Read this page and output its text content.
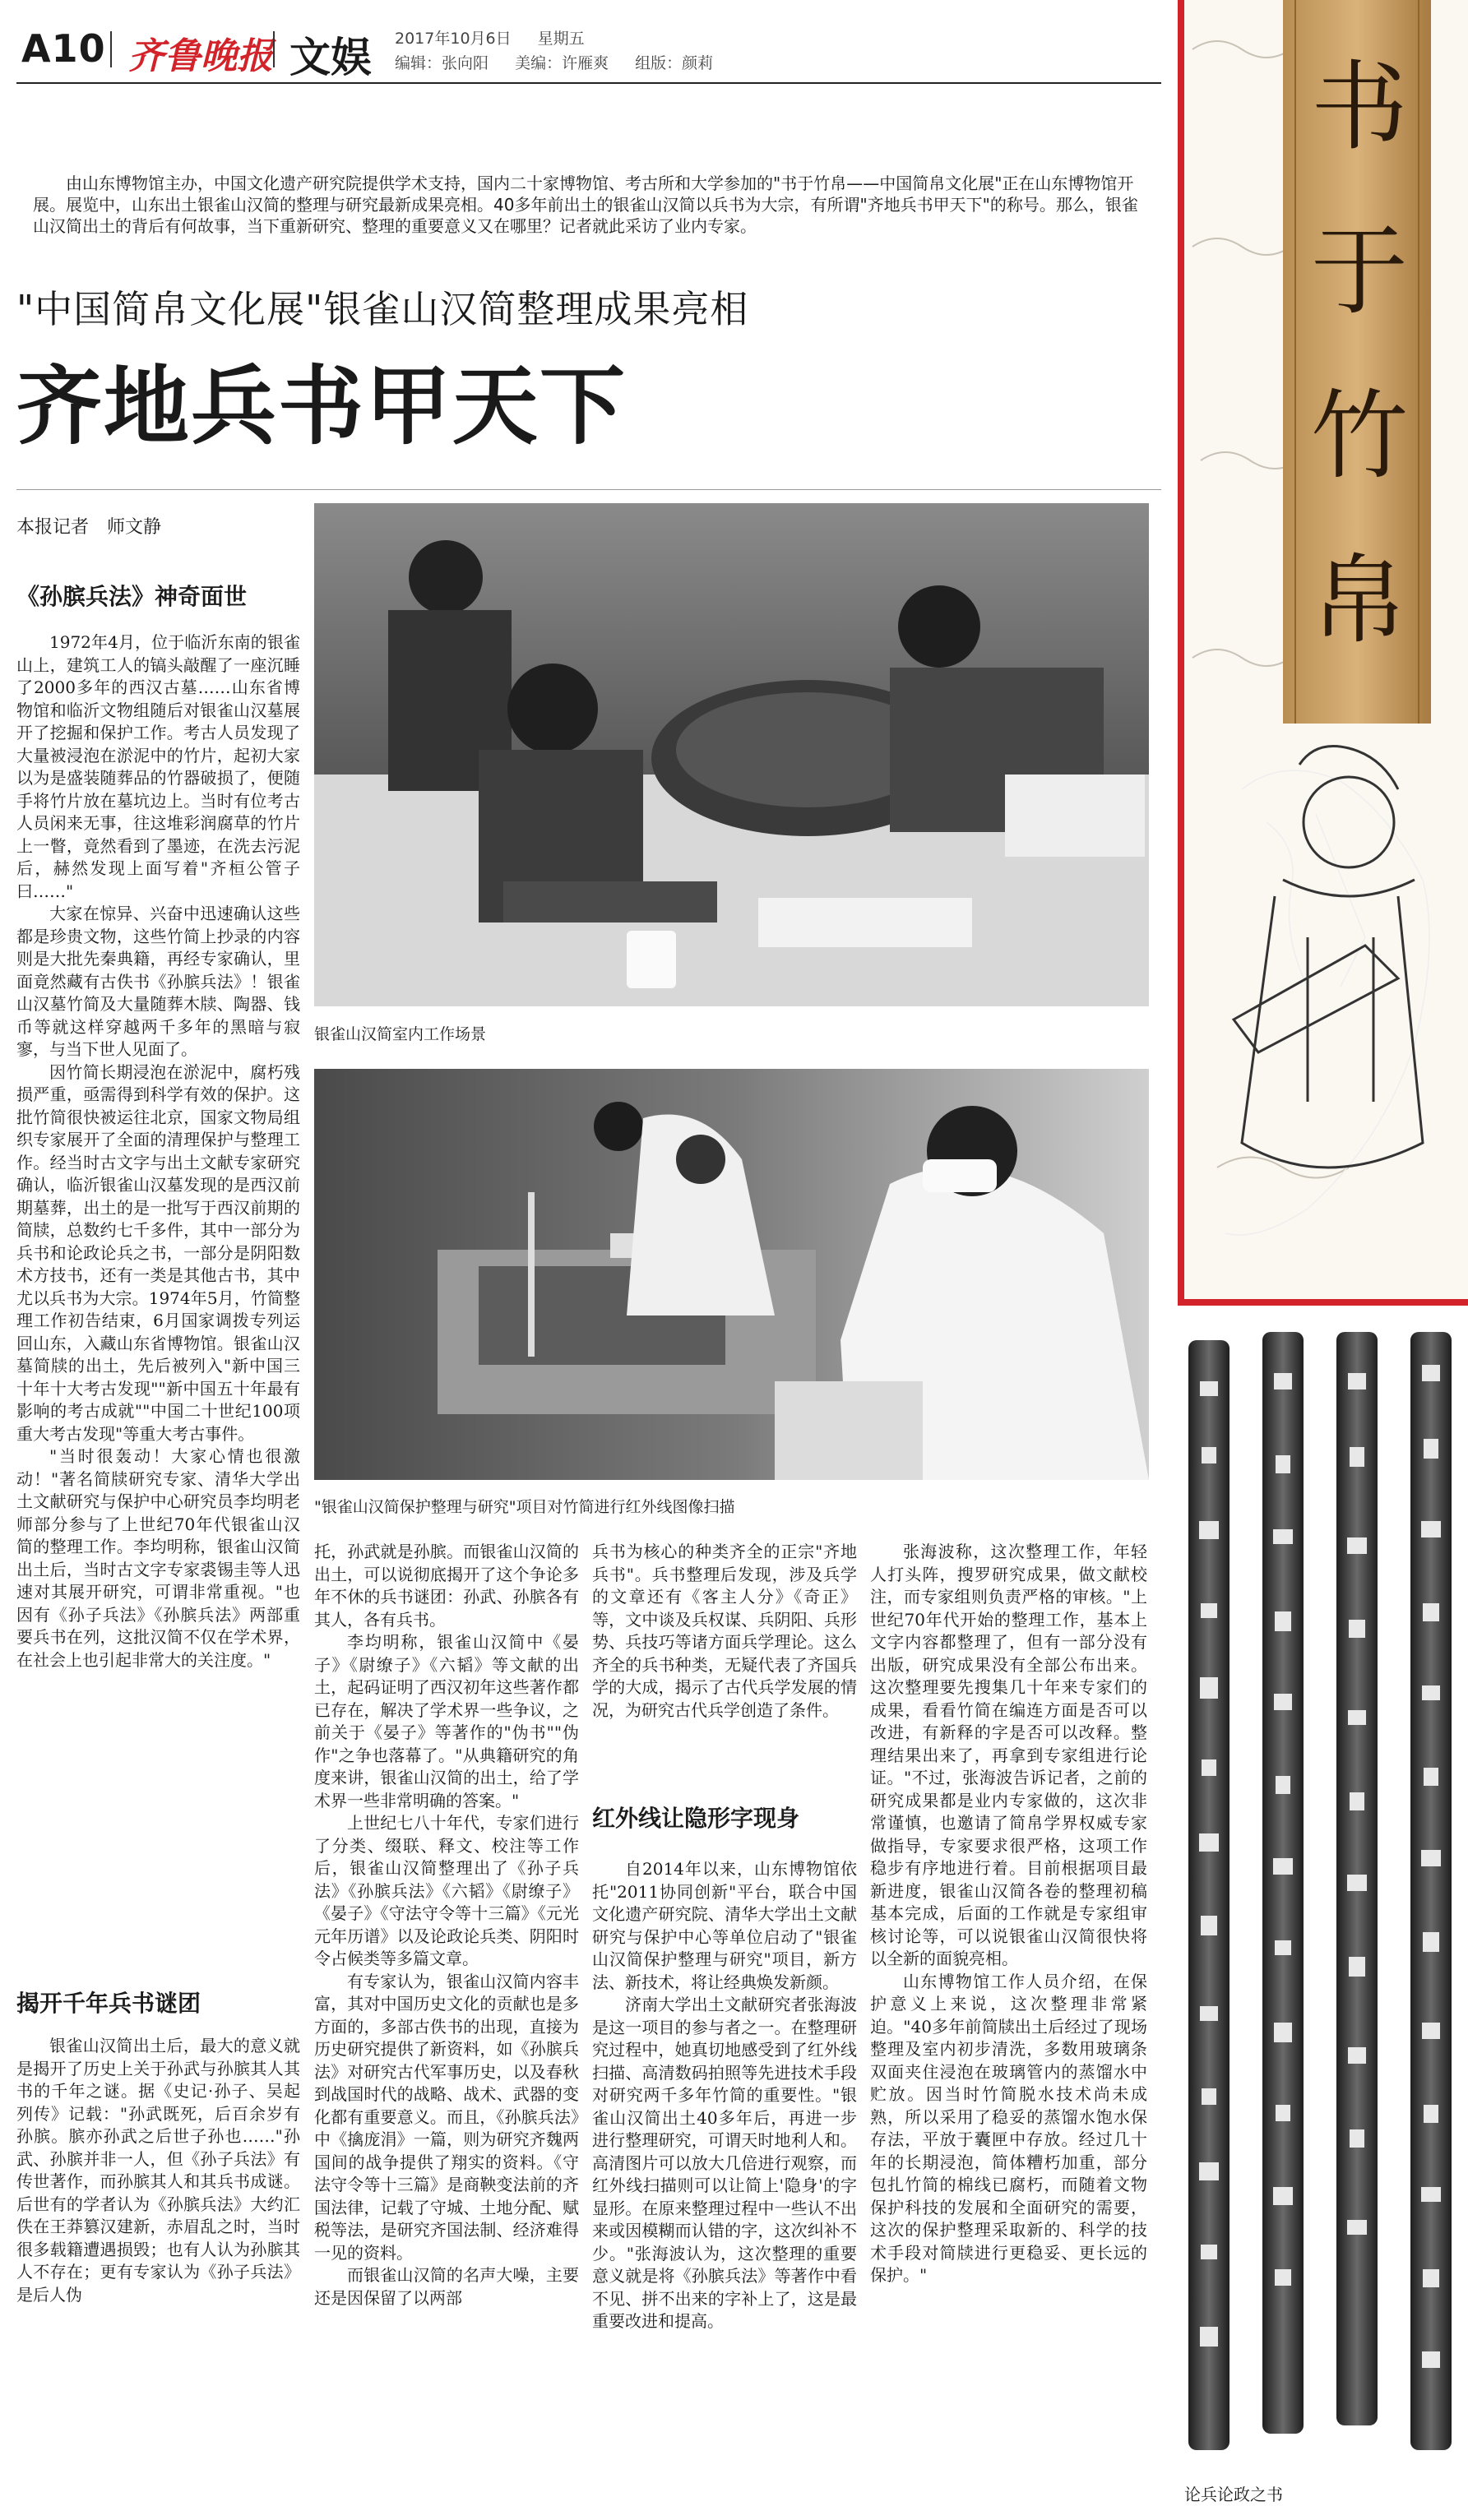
A10 齐鲁晚报 文娱 2017年10月6日 星期五
编辑：张向阳 美编：许雁爽 组版：颜莉
由山东博物馆主办，中国文化遗产研究院提供学术支持，国内二十家博物馆、考古所和大学参加的"书于竹帛——中国简帛文化展"正在山东博物馆开展。展览中，山东出土银雀山汉简的整理与研究最新成果亮相。40多年前出土的银雀山汉简以兵书为大宗，有所谓"齐地兵书甲天下"的称号。那么，银雀山汉简出土的背后有何故事，当下重新研究、整理的重要意义又在哪里？记者就此采访了业内专家。
"中国简帛文化展"银雀山汉简整理成果亮相
齐地兵书甲天下
本报记者　师文静
《孙膑兵法》神奇面世

1972年4月，位于临沂东南的银雀山上，建筑工人的镐头敲醒了一座沉睡了2000多年的西汉古墓……山东省博物馆和临沂文物组随后对银雀山汉墓展开了挖掘和保护工作。考古人员发现了大量被浸泡在淤泥中的竹片，起初大家以为是盛装随葬品的竹器破损了，便随手将竹片放在墓坑边上。当时有位考古人员闲来无事，往这堆彩润腐草的竹片上一瞥，竟然看到了墨迹，在洗去污泥后，赫然发现上面写着"齐桓公管子曰……"

大家在惊异、兴奋中迅速确认这些都是珍贵文物，这些竹简上抄录的内容则是大批先秦典籍，再经专家确认，里面竟然藏有古佚书《孙膑兵法》！银雀山汉墓竹简及大量随葬木牍、陶器、钱币等就这样穿越两千多年的黑暗与寂寥，与当下世人见面了。

因竹简长期浸泡在淤泥中，腐朽残损严重，亟需得到科学有效的保护。这批竹简很快被运往北京，国家文物局组织专家展开了全面的清理保护与整理工作。经当时古文字与出土文献专家研究确认，临沂银雀山汉墓发现的是西汉前期墓葬，出土的是一批写于西汉前期的简牍，总数约七千多件，其中一部分为兵书和论政论兵之书，一部分是阴阳数术方技书，还有一类是其他古书，其中尤以兵书为大宗。1974年5月，竹简整理工作初告结束，6月国家调拨专列运回山东，入藏山东省博物馆。银雀山汉墓简牍的出土，先后被列入"新中国三十年十大考古发现""新中国五十年最有影响的考古成就""中国二十世纪100项重大考古发现"等重大考古事件。

"当时很轰动！大家心情也很激动！"著名简牍研究专家、清华大学出土文献研究与保护中心研究员李均明老师部分参与了上世纪70年代银雀山汉简的整理工作。李均明称，银雀山汉简出土后，当时古文字专家裘锡圭等人迅速对其展开研究，可谓非常重视。"也因有《孙子兵法》《孙膑兵法》两部重要兵书在列，这批汉简不仅在学术界，在社会上也引起非常大的关注度。"

揭开千年兵书谜团

银雀山汉简出土后，最大的意义就是揭开了历史上关于孙武与孙膑其人其书的千年之谜。据《史记·孙子、吴起列传》记载："孙武既死，后百余岁有孙膑。膑亦孙武之后世子孙也……"孙武、孙膑并非一人，但《孙子兵法》有传世著作，而孙膑其人和其兵书成谜。后世有的学者认为《孙膑兵法》大约汇佚在王莽篡汉建新，赤眉乱之时，当时很多载籍遭遇损毁；也有人认为孙膑其人不存在；更有专家认为《孙子兵法》是后人伪

银雀山汉简室内工作场景
"银雀山汉简保护整理与研究"项目对竹简进行红外线图像扫描

托，孙武就是孙膑。而银雀山汉简的出土，可以说彻底揭开了这个争论多年不休的兵书谜团：孙武、孙膑各有其人，各有兵书。

李均明称，银雀山汉简中《晏子》《尉缭子》《六韬》等文献的出土，起码证明了西汉初年这些著作都已存在，解决了学术界一些争议，之前关于《晏子》等著作的"伪书""伪作"之争也落幕了。"从典籍研究的角度来讲，银雀山汉简的出土，给了学术界一些非常明确的答案。"

上世纪七八十年代，专家们进行了分类、缀联、释文、校注等工作后，银雀山汉简整理出了《孙子兵法》《孙膑兵法》《六韬》《尉缭子》《晏子》《守法守令等十三篇》《元光元年历谱》以及论政论兵类、阴阳时令占候类等多篇文章。

有专家认为，银雀山汉简内容丰富，其对中国历史文化的贡献也是多方面的，多部古佚书的出现，直接为历史研究提供了新资料，如《孙膑兵法》对研究古代军事历史，以及春秋到战国时代的战略、战术、武器的变化都有重要意义。而且，《孙膑兵法》中《擒庞涓》一篇，则为研究齐魏两国间的战争提供了翔实的资料。《守法守令等十三篇》是商鞅变法前的齐国法律，记载了守城、土地分配、赋税等法，是研究齐国法制、经济难得一见的资料。

而银雀山汉简的名声大噪，主要还是因保留了以两部

兵书为核心的种类齐全的正宗"齐地兵书"。兵书整理后发现，涉及兵学的文章还有《客主人分》《奇正》等，文中谈及兵权谋、兵阴阳、兵形势、兵技巧等诸方面兵学理论。这么齐全的兵书种类，无疑代表了齐国兵学的大成，揭示了古代兵学发展的情况，为研究古代兵学创造了条件。

红外线让隐形字现身

自2014年以来，山东博物馆依托"2011协同创新"平台，联合中国文化遗产研究院、清华大学出土文献研究与保护中心等单位启动了"银雀山汉简保护整理与研究"项目，新方法、新技术，将让经典焕发新颜。

济南大学出土文献研究者张海波是这一项目的参与者之一。在整理研究过程中，她真切地感受到了红外线扫描、高清数码拍照等先进技术手段对研究两千多年竹简的重要性。"银雀山汉简出土40多年后，再进一步进行整理研究，可谓天时地利人和。高清图片可以放大几倍进行观察，而红外线扫描则可以让简上'隐身'的字显形。在原来整理过程中一些认不出来或因模糊而认错的字，这次纠补不少。"张海波认为，这次整理的重要意义就是将《孙膑兵法》等著作中看不见、拼不出来的字补上了，这是最重要改进和提高。

张海波称，这次整理工作，年轻人打头阵，搜罗研究成果，做文献校注，而专家组则负责严格的审核。"上世纪70年代开始的整理工作，基本上文字内容都整理了，但有一部分没有出版，研究成果没有全部公布出来。这次整理要先搜集几十年来专家们的成果，看看竹简在编连方面是否可以改进，有新释的字是否可以改释。整理结果出来了，再拿到专家组进行论证。"不过，张海波告诉记者，之前的研究成果都是业内专家做的，这次非常谨慎，也邀请了简帛学界权威专家做指导，专家要求很严格，这项工作稳步有序地进行着。目前根据项目最新进度，银雀山汉简各卷的整理初稿基本完成，后面的工作就是专家组审核讨论等，可以说银雀山汉简很快将以全新的面貌亮相。

山东博物馆工作人员介绍，在保护意义上来说，这次整理非常紧迫。"40多年前简牍出土后经过了现场整理及室内初步清洗，多数用玻璃条双面夹住浸泡在玻璃管内的蒸馏水中贮放。因当时竹简脱水技术尚未成熟，所以采用了稳妥的蒸馏水饱水保存法，平放于囊匣中存放。经过几十年的长期浸泡，简体糟朽加重，部分包扎竹简的棉线已腐朽，而随着文物保护科技的发展和全面研究的需要，这次的保护整理采取新的、科学的技术手段对简牍进行更稳妥、更长远的保护。"

书于竹帛
论兵论政之书
